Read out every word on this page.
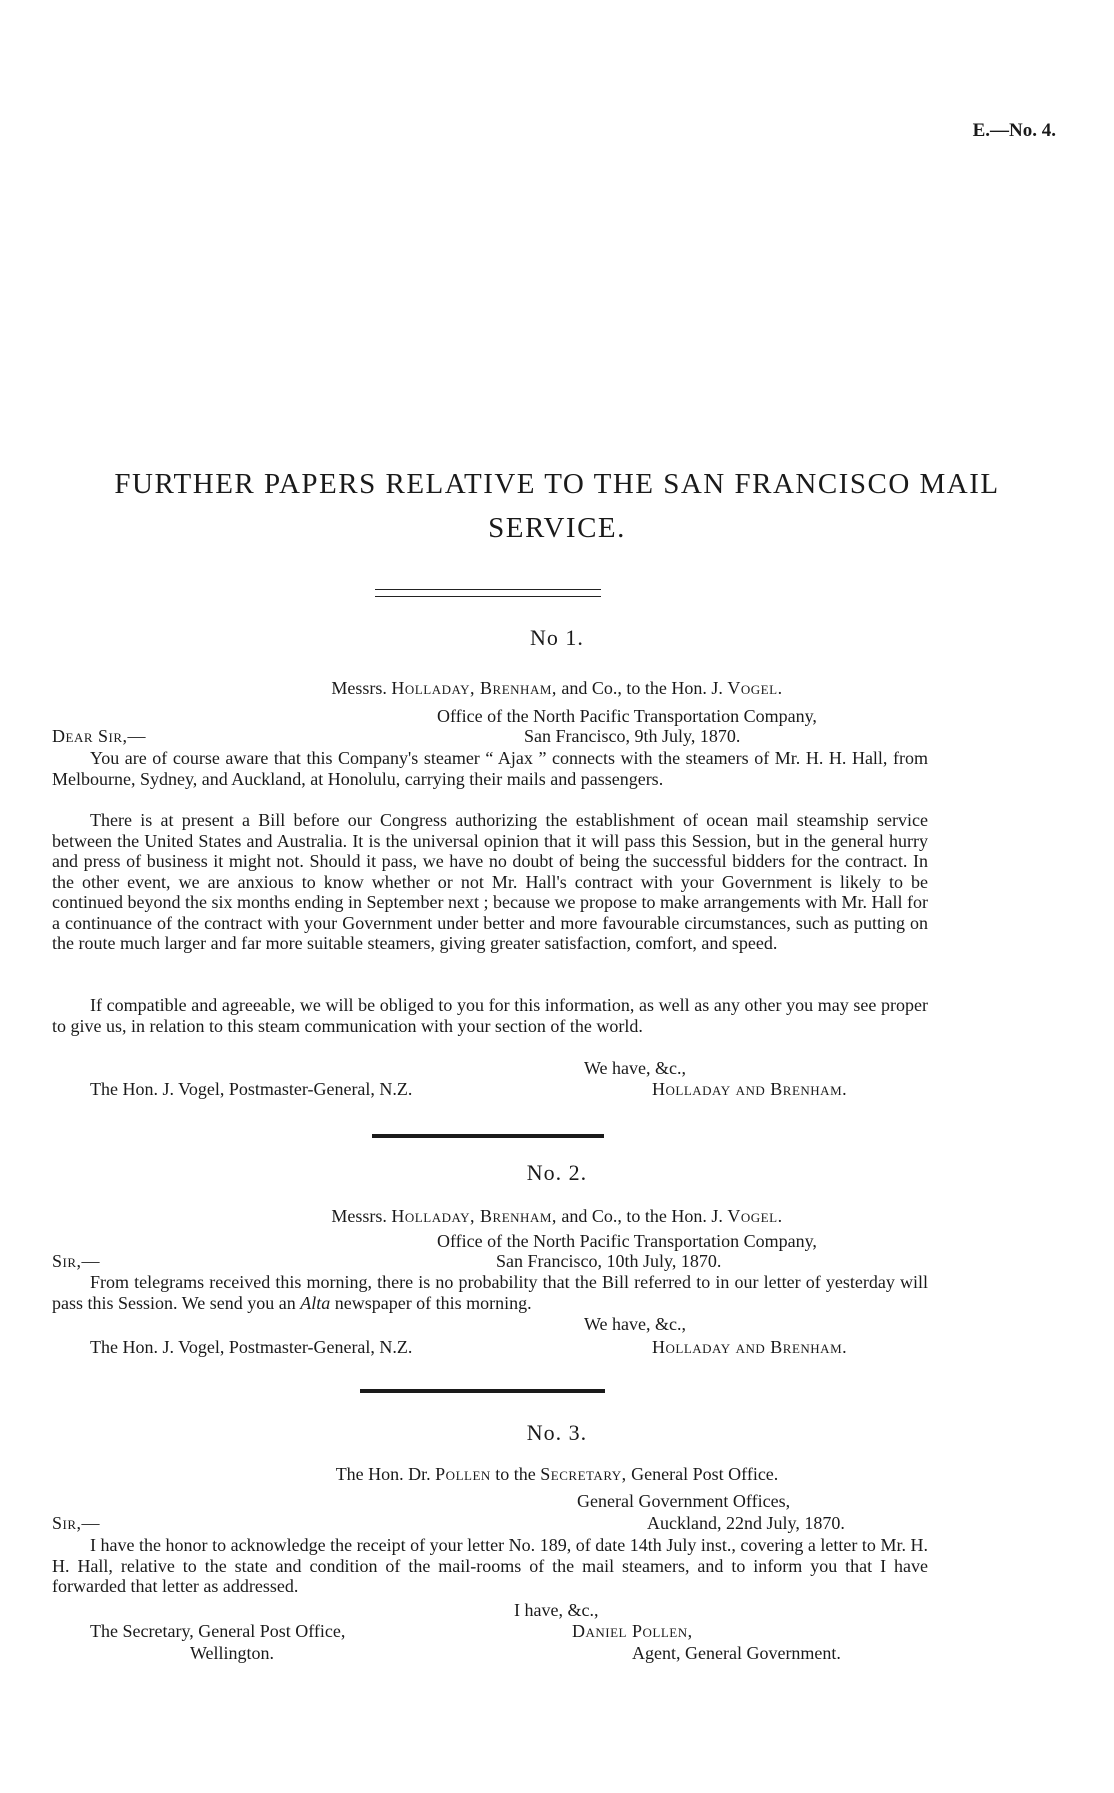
E.—No. 4.
FURTHER PAPERS RELATIVE TO THE SAN FRANCISCO MAIL
SERVICE.
No 1.
Messrs. Holladay, Brenham, and Co., to the Hon. J. Vogel.
Office of the North Pacific Transportation Company,
Dear Sir,—	San Francisco, 9th July, 1870.

You are of course aware that this Company's steamer “ Ajax ” connects with the steamers of Mr. H. H. Hall, from Melbourne, Sydney, and Auckland, at Honolulu, carrying their mails and passengers.

There is at present a Bill before our Congress authorizing the establishment of ocean mail steamship service between the United States and Australia. It is the universal opinion that it will pass this Session, but in the general hurry and press of business it might not. Should it pass, we have no doubt of being the successful bidders for the contract. In the other event, we are anxious to know whether or not Mr. Hall's contract with your Government is likely to be continued beyond the six months ending in September next ; because we propose to make arrangements with Mr. Hall for a continuance of the contract with your Government under better and more favourable circumstances, such as putting on the route much larger and far more suitable steamers, giving greater satisfaction, comfort, and speed.

If compatible and agreeable, we will be obliged to you for this information, as well as any other you may see proper to give us, in relation to this steam communication with your section of the world.

We have, &c.,
The Hon. J. Vogel, Postmaster-General, N.Z.	Holladay and Brenham.
No. 2.
Messrs. Holladay, Brenham, and Co., to the Hon. J. Vogel.
Office of the North Pacific Transportation Company,
Sir,—	San Francisco, 10th July, 1870.

From telegrams received this morning, there is no probability that the Bill referred to in our letter of yesterday will pass this Session. We send you an Alta newspaper of this morning.

We have, &c.,
The Hon. J. Vogel, Postmaster-General, N.Z.	Holladay and Brenham.
No. 3.
The Hon. Dr. Pollen to the Secretary, General Post Office.
General Government Offices,
Sir,—	Auckland, 22nd July, 1870.

I have the honor to acknowledge the receipt of your letter No. 189, of date 14th July inst., covering a letter to Mr. H. H. Hall, relative to the state and condition of the mail-rooms of the mail steamers, and to inform you that I have forwarded that letter as addressed.

I have, &c.,
The Secretary, General Post Office,
Wellington.
Daniel Pollen,
Agent, General Government.
